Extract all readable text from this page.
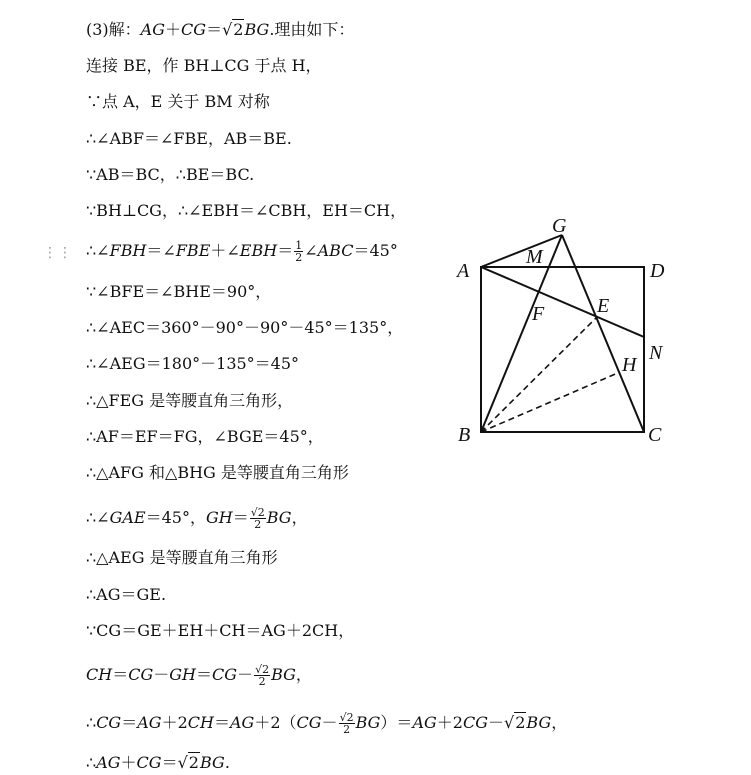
⋮⋮
(3)解：AG＋CG＝√2BG.理由如下：
连接 BE，作 BH⊥CG 于点 H，
∵点 A，E 关于 BM 对称
∴∠ABF＝∠FBE，AB＝BE.
∵AB＝BC，∴BE＝BC.
∵BH⊥CG，∴∠EBH＝∠CBH，EH＝CH，
∴∠FBH＝∠FBE＋∠EBH＝ $\frac{1}{2}$ ∠ABC＝45°
∵∠BFE＝∠BHE＝90°，
∴∠AEC＝360°－90°－90°－45°＝135°，
∴∠AEG＝180°－135°＝45°
∴△FEG 是等腰直角三角形，
∴AF＝EF＝FG，∠BGE＝45°，
∴△AFG 和△BHG 是等腰直角三角形
∴∠GAE＝45°，$GH= \frac{√2}{2}$ BG，
∴△AEG 是等腰直角三角形
∴AG＝GE.
∵CG＝GE＋EH＋CH＝AG＋2CH，
$CH=CG-GH=CG- \frac{√2}{2}$ BG，
∴CG＝AG＋2CH＝AG＋2（CG－ $\frac{√2}{2} BG)=AG+2CG-√2BG$，
∴AG＋CG＝√2BG.
A	D
B	C
G
M
F	E
H
N
